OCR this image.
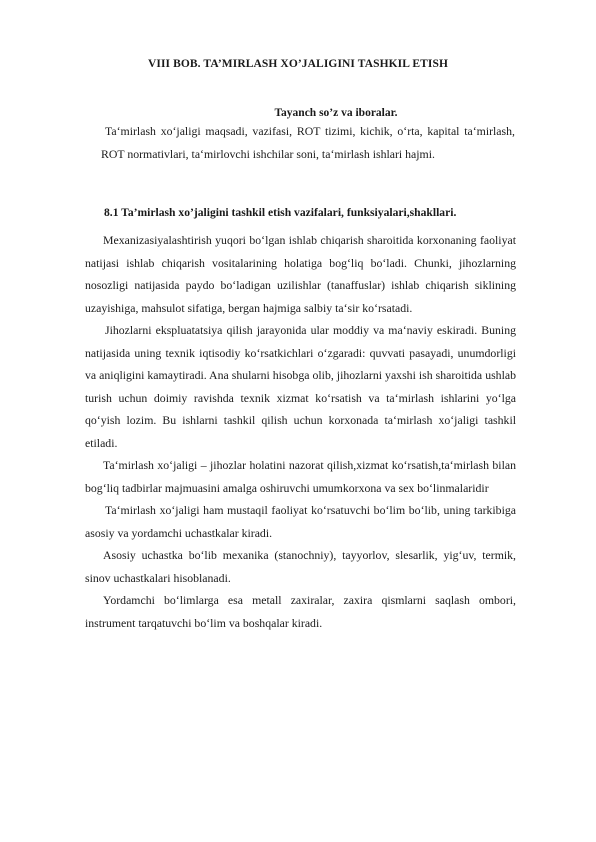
VIII BOB. TA’MIRLASH XO’JALIGINI TASHKIL ETISH
Tayanch so’z va iboralar.

Ta‘mirlash xo‘jaligi maqsadi, vazifasi, ROT tizimi, kichik, o‘rta, kapital ta‘mirlash, ROT normativlari, ta‘mirlovchi ishchilar soni, ta‘mirlash ishlari hajmi.

8.1 Ta’mirlash xo’jaligini tashkil etish vazifalari, funksiyalari,shakllari.

Mexanizasiyalashtirish yuqori bo‘lgan ishlab chiqarish sharoitida korxonaning faoliyat natijasi ishlab chiqarish vositalarining holatiga bog‘liq bo‘ladi. Chunki, jihozlarning nosozligi natijasida paydo bo‘ladigan uzilishlar (tanaffuslar) ishlab chiqarish siklining uzayishiga, mahsulot sifatiga, bergan hajmiga salbiy ta‘sir ko‘rsatadi.

Jihozlarni ekspluatatsiya qilish jarayonida ular moddiy va ma‘naviy eskiradi. Buning natijasida uning texnik iqtisodiy ko‘rsatkichlari o‘zgaradi: quvvati pasayadi, unumdorligi va aniqligini kamaytiradi. Ana shularni hisobga olib, jihozlarni yaxshi ish sharoitida ushlab turish uchun doimiy ravishda texnik xizmat ko‘rsatish va ta‘mirlash ishlarini yo‘lga qo‘yish lozim. Bu ishlarni tashkil qilish uchun korxonada ta‘mirlash xo‘jaligi tashkil etiladi.

Ta‘mirlash xo‘jaligi – jihozlar holatini nazorat qilish,xizmat ko‘rsatish,ta‘mirlash bilan bog‘liq tadbirlar majmuasini amalga oshiruvchi umumkorxona va sex bo‘linmalaridir

Ta‘mirlash xo‘jaligi ham mustaqil faoliyat ko‘rsatuvchi bo‘lim bo‘lib, uning tarkibiga asosiy va yordamchi uchastkalar kiradi.

Asosiy uchastka bo‘lib mexanika (stanochniy), tayyorlov, slesarlik, yig‘uv, termik, sinov uchastkalari hisoblanadi.

Yordamchi bo‘limlarga esa metall zaxiralar, zaxira qismlarni saqlash ombori, instrument tarqatuvchi bo‘lim va boshqalar kiradi.
